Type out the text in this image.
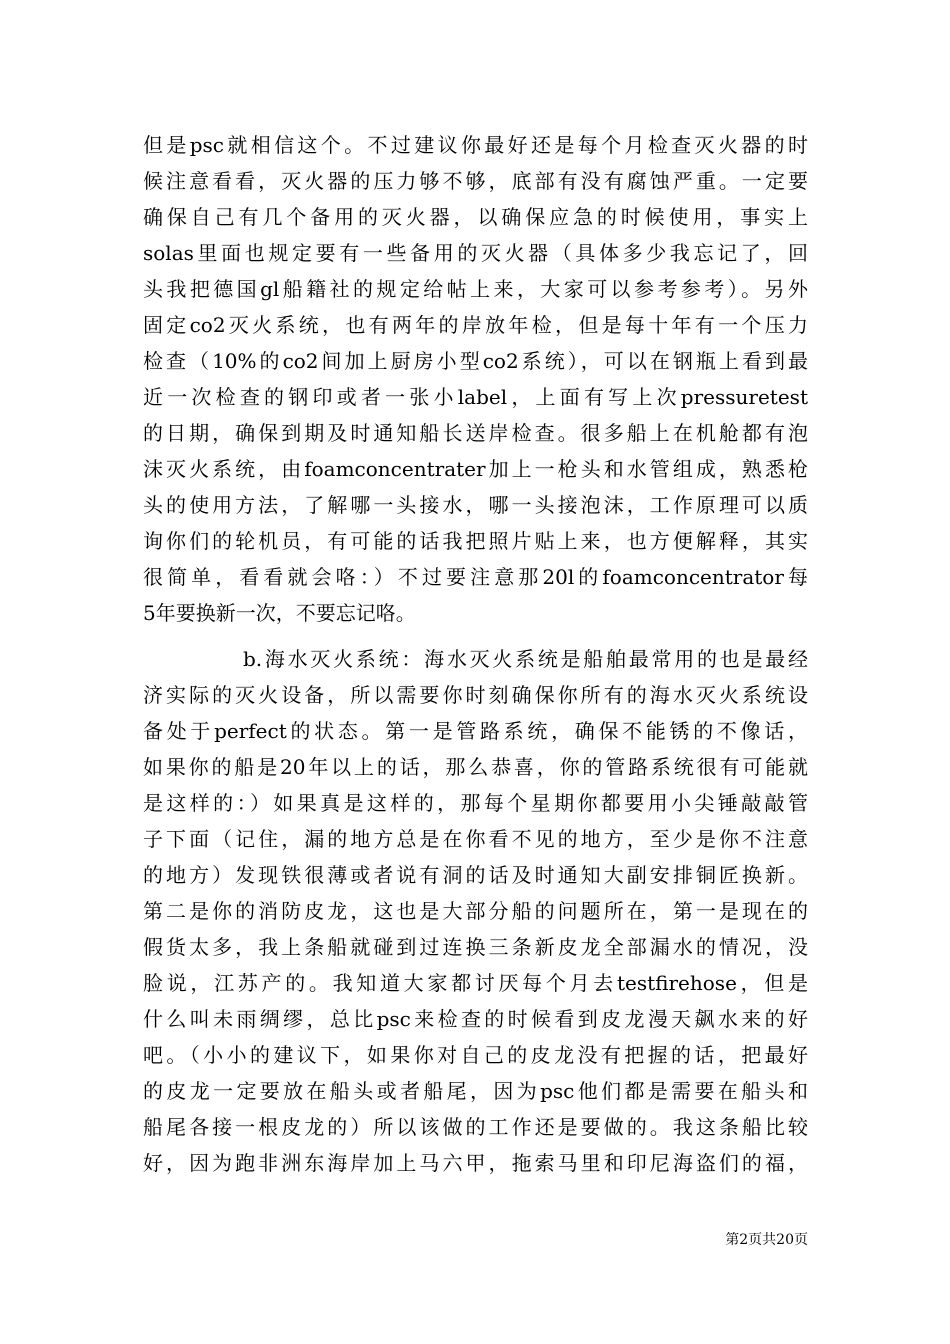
但是psc就相信这个。不过建议你最好还是每个月检查灭火器的时
候注意看看，灭火器的压力够不够，底部有没有腐蚀严重。一定要
确保自己有几个备用的灭火器，以确保应急的时候使用，事实上
solas里面也规定要有一些备用的灭火器（具体多少我忘记了，回
头我把德国gl船籍社的规定给帖上来，大家可以参考参考）。另外
固定co2灭火系统，也有两年的岸放年检，但是每十年有一个压力
检查（10%的co2间加上厨房小型co2系统），可以在钢瓶上看到最
近一次检查的钢印或者一张小label，上面有写上次pressuretest
的日期，确保到期及时通知船长送岸检查。很多船上在机舱都有泡
沫灭火系统，由foamconcentrater加上一枪头和水管组成，熟悉枪
头的使用方法，了解哪一头接水，哪一头接泡沫，工作原理可以质
询你们的轮机员，有可能的话我把照片贴上来，也方便解释，其实
很简单，看看就会咯：）不过要注意那20l的foamconcentrator每
5年要换新一次，不要忘记咯。
b.海水灭火系统：海水灭火系统是船舶最常用的也是最经
济实际的灭火设备，所以需要你时刻确保你所有的海水灭火系统设
备处于perfect的状态。第一是管路系统，确保不能锈的不像话，
如果你的船是20年以上的话，那么恭喜，你的管路系统很有可能就
是这样的：）如果真是这样的，那每个星期你都要用小尖锤敲敲管
子下面（记住，漏的地方总是在你看不见的地方，至少是你不注意
的地方）发现铁很薄或者说有洞的话及时通知大副安排铜匠换新。
第二是你的消防皮龙，这也是大部分船的问题所在，第一是现在的
假货太多，我上条船就碰到过连换三条新皮龙全部漏水的情况，没
脸说，江苏产的。我知道大家都讨厌每个月去testfirehose，但是
什么叫未雨绸缪，总比psc来检查的时候看到皮龙漫天飙水来的好
吧。（小小的建议下，如果你对自己的皮龙没有把握的话，把最好
的皮龙一定要放在船头或者船尾，因为psc他们都是需要在船头和
船尾各接一根皮龙的）所以该做的工作还是要做的。我这条船比较
好，因为跑非洲东海岸加上马六甲，拖索马里和印尼海盗们的福，
第2页共20页
